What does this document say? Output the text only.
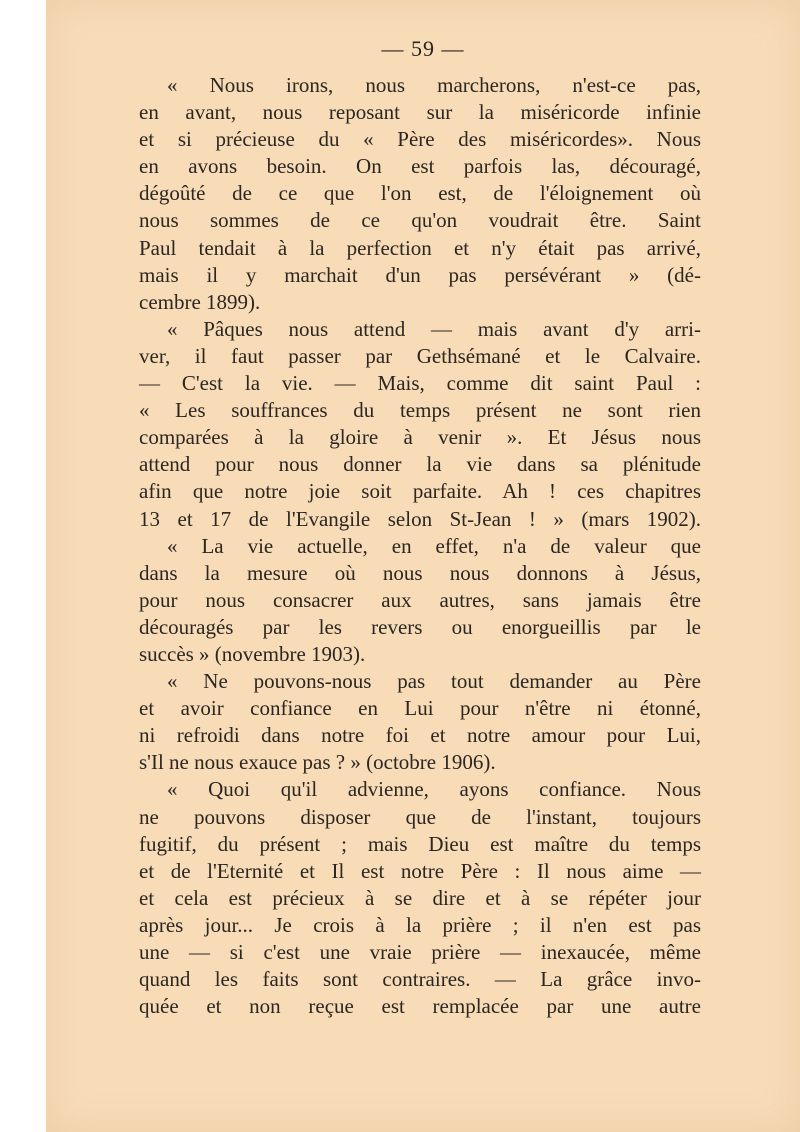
— 59 —
« Nous irons, nous marcherons, n'est-ce pas,
en avant, nous reposant sur la miséricorde infinie
et si précieuse du « Père des miséricordes». Nous
en avons besoin. On est parfois las, découragé,
dégoûté de ce que l'on est, de l'éloignement où
nous sommes de ce qu'on voudrait être. Saint
Paul tendait à la perfection et n'y était pas arrivé,
mais il y marchait d'un pas persévérant » (dé-
cembre 1899).
« Pâques nous attend — mais avant d'y arri-
ver, il faut passer par Gethsémané et le Calvaire.
— C'est la vie. — Mais, comme dit saint Paul :
« Les souffrances du temps présent ne sont rien
comparées à la gloire à venir ». Et Jésus nous
attend pour nous donner la vie dans sa plénitude
afin que notre joie soit parfaite. Ah ! ces chapitres
13 et 17 de l'Evangile selon St-Jean ! » (mars 1902).
« La vie actuelle, en effet, n'a de valeur que
dans la mesure où nous nous donnons à Jésus,
pour nous consacrer aux autres, sans jamais être
découragés par les revers ou enorgueillis par le
succès » (novembre 1903).
« Ne pouvons-nous pas tout demander au Père
et avoir confiance en Lui pour n'être ni étonné,
ni refroidi dans notre foi et notre amour pour Lui,
s'Il ne nous exauce pas ? » (octobre 1906).
« Quoi qu'il advienne, ayons confiance. Nous
ne pouvons disposer que de l'instant, toujours
fugitif, du présent ; mais Dieu est maître du temps
et de l'Eternité et Il est notre Père : Il nous aime —
et cela est précieux à se dire et à se répéter jour
après jour... Je crois à la prière ; il n'en est pas
une — si c'est une vraie prière — inexaucée, même
quand les faits sont contraires. — La grâce invo-
quée et non reçue est remplacée par une autre
